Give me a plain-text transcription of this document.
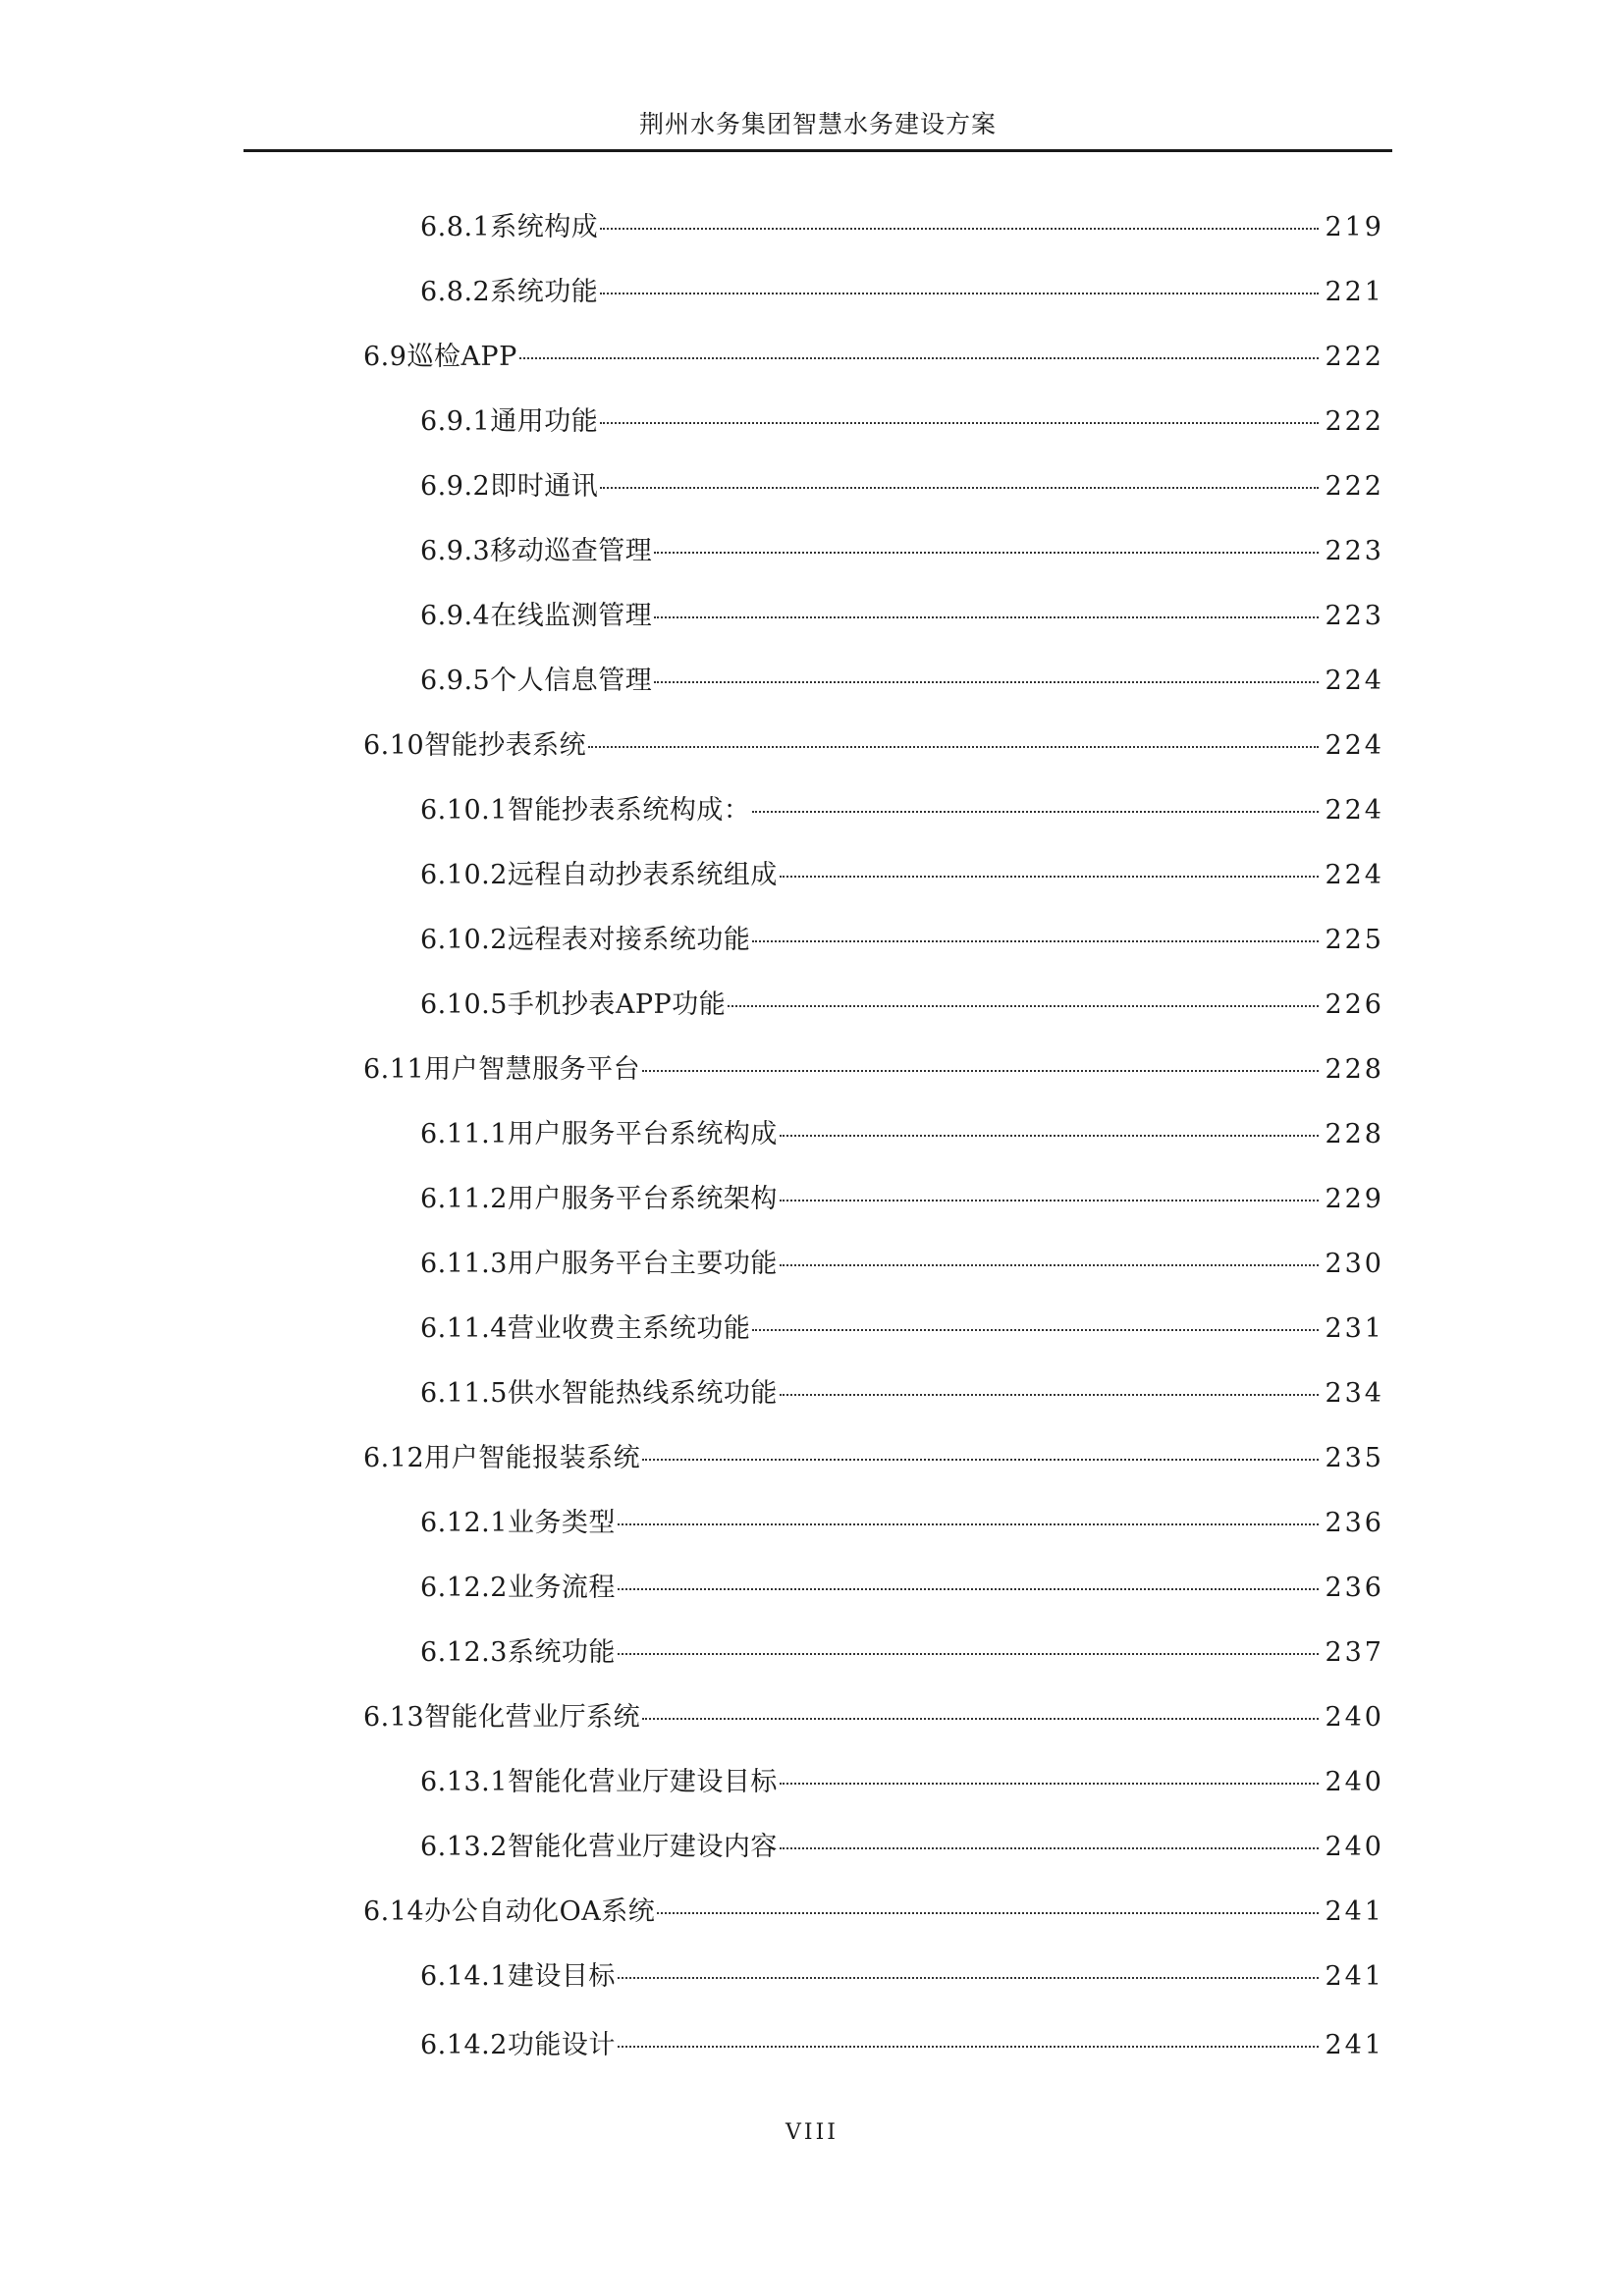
荆州水务集团智慧水务建设方案
6.8.1系统构成	219
6.8.2系统功能	221
6.9巡检APP	222
6.9.1通用功能	222
6.9.2即时通讯	222
6.9.3移动巡查管理	223
6.9.4在线监测管理	223
6.9.5个人信息管理	224
6.10智能抄表系统	224
6.10.1智能抄表系统构成：	224
6.10.2远程自动抄表系统组成	224
6.10.2远程表对接系统功能	225
6.10.5手机抄表APP功能	226
6.11用户智慧服务平台	228
6.11.1用户服务平台系统构成	228
6.11.2用户服务平台系统架构	229
6.11.3用户服务平台主要功能	230
6.11.4营业收费主系统功能	231
6.11.5供水智能热线系统功能	234
6.12用户智能报装系统	235
6.12.1业务类型	236
6.12.2业务流程	236
6.12.3系统功能	237
6.13智能化营业厅系统	240
6.13.1智能化营业厅建设目标	240
6.13.2智能化营业厅建设内容	240
6.14办公自动化OA系统	241
6.14.1建设目标	241
6.14.2功能设计	241
VIII
